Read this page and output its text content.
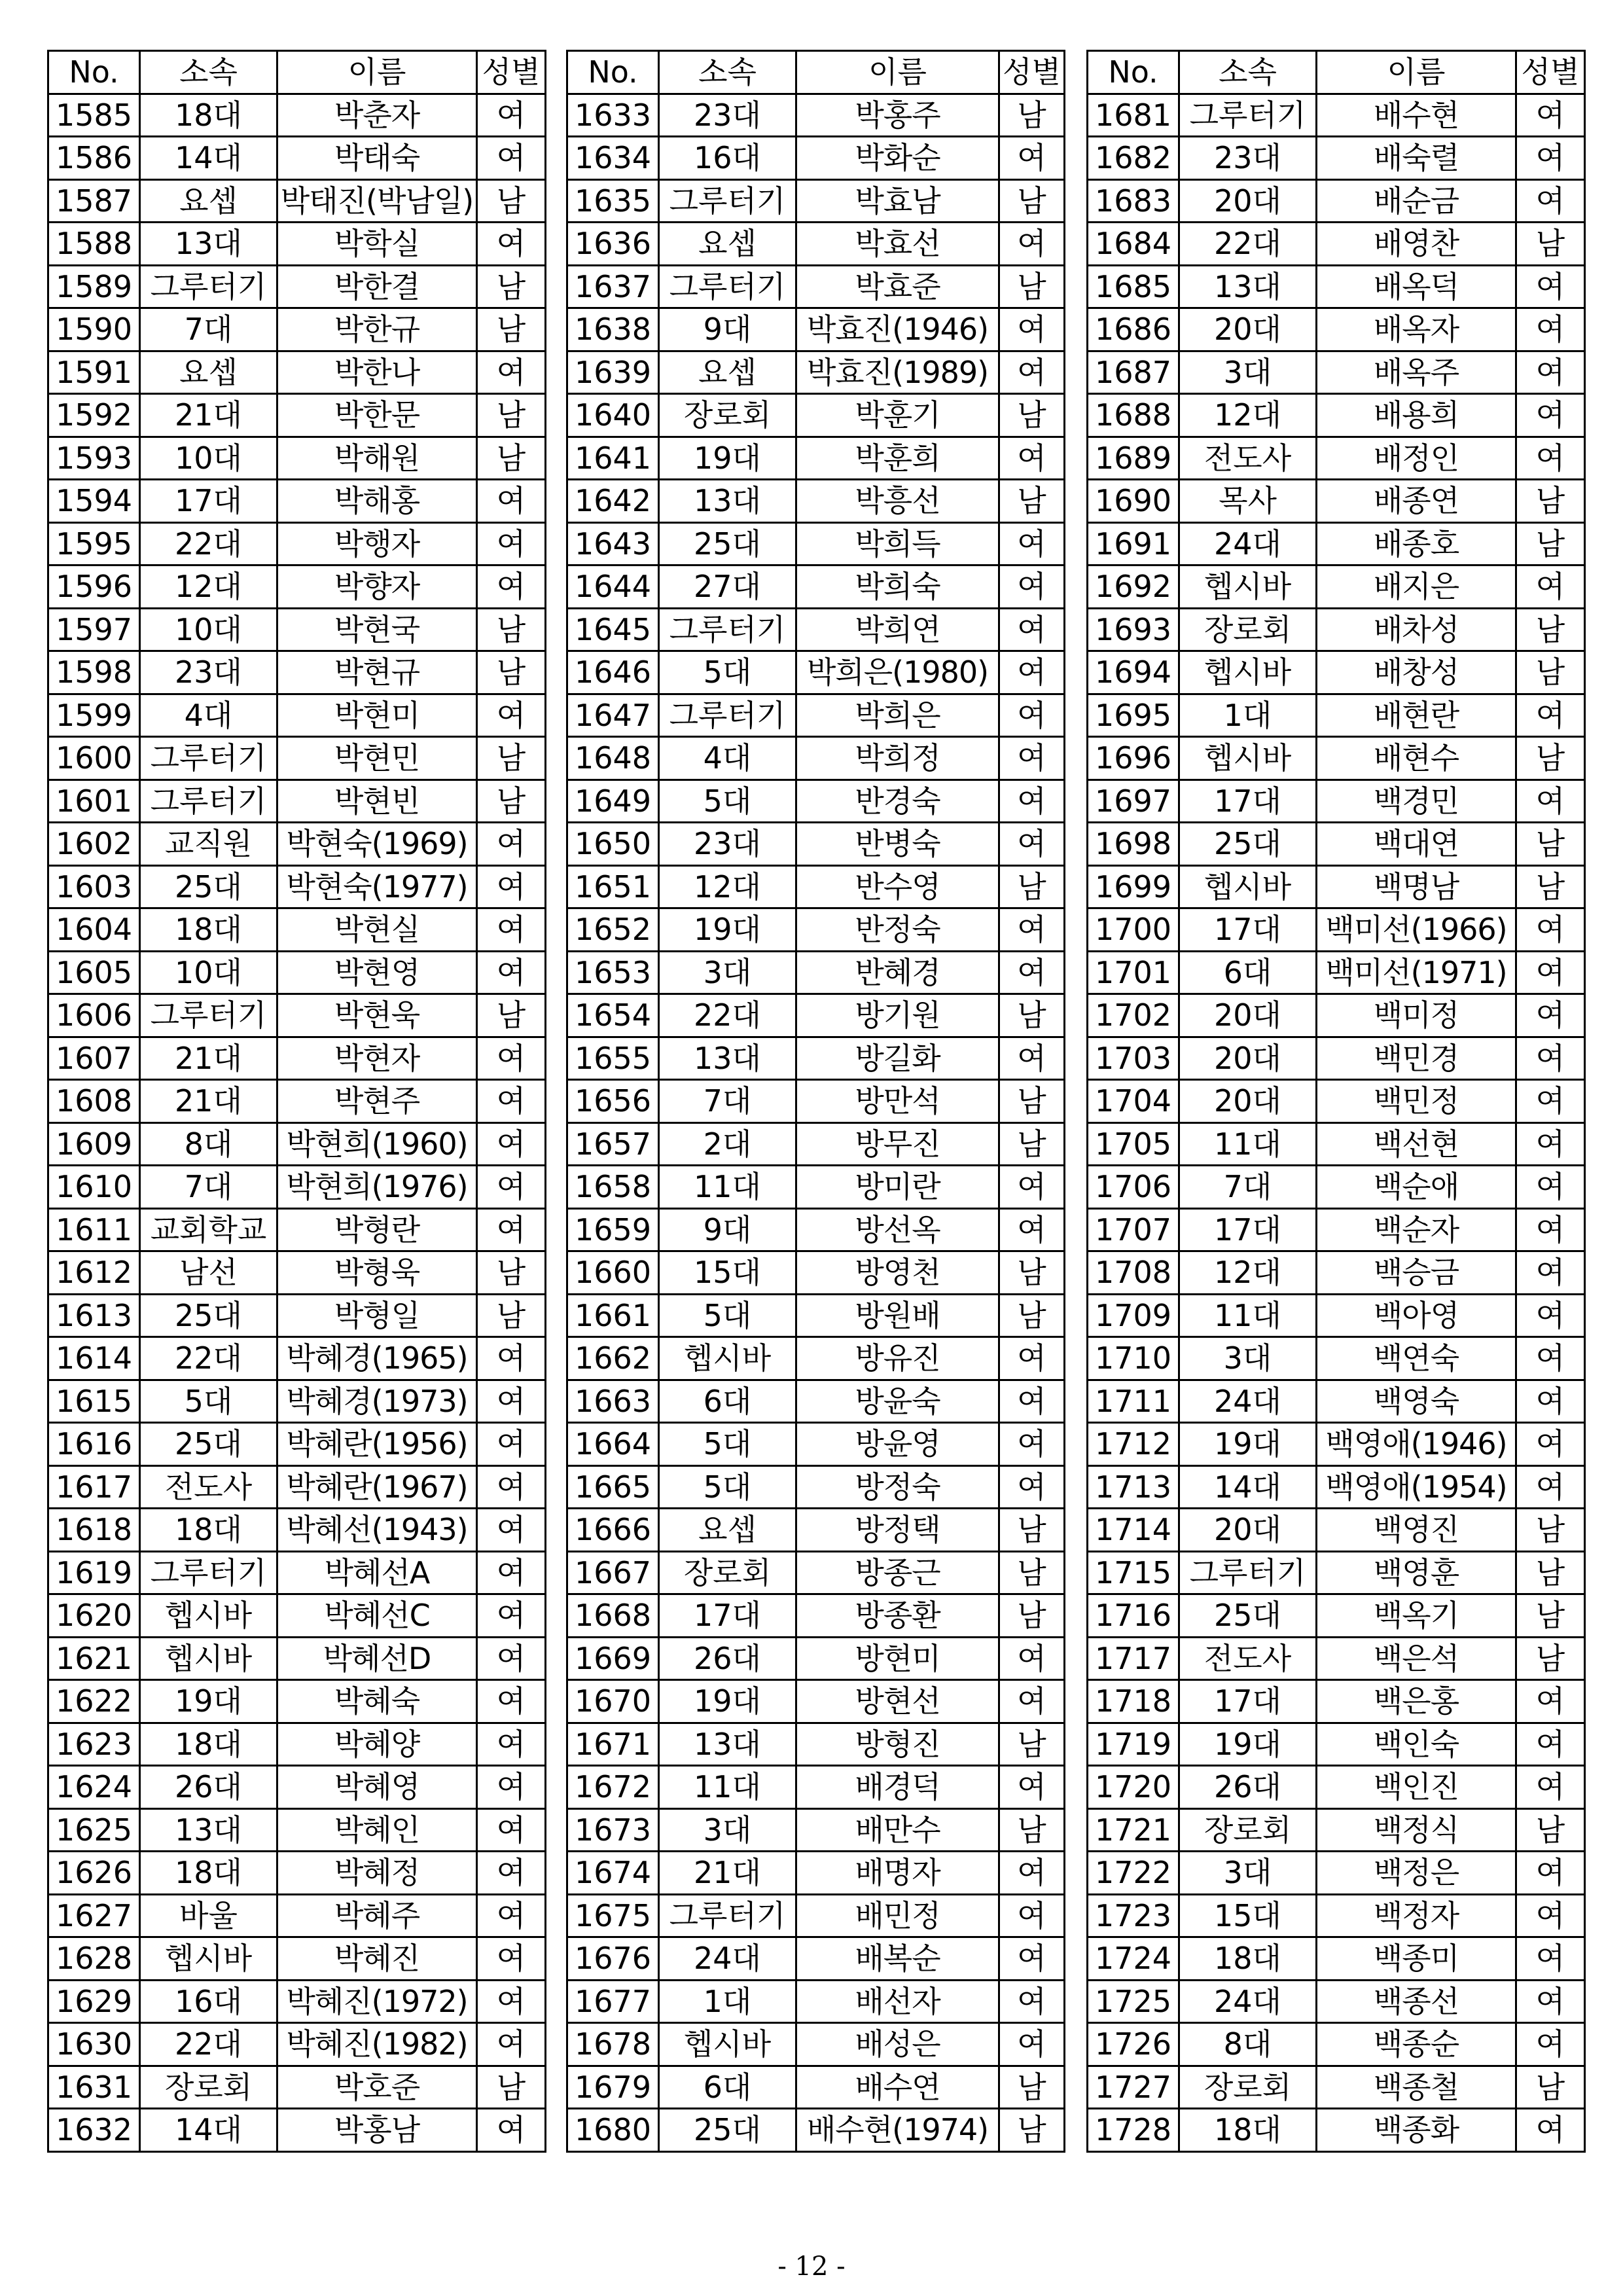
No.	소속	이름	성별
1585	18대	박춘자	여
1586	14대	박태숙	여
1587	요셉	박태진(박남일)	남
1588	13대	박학실	여
1589	그루터기	박한결	남
1590	7대	박한규	남
1591	요셉	박한나	여
1592	21대	박한문	남
1593	10대	박해원	남
1594	17대	박해홍	여
1595	22대	박행자	여
1596	12대	박향자	여
1597	10대	박현국	남
1598	23대	박현규	남
1599	4대	박현미	여
1600	그루터기	박현민	남
1601	그루터기	박현빈	남
1602	교직원	박현숙(1969)	여
1603	25대	박현숙(1977)	여
1604	18대	박현실	여
1605	10대	박현영	여
1606	그루터기	박현욱	남
1607	21대	박현자	여
1608	21대	박현주	여
1609	8대	박현희(1960)	여
1610	7대	박현희(1976)	여
1611	교회학교	박형란	여
1612	남선	박형욱	남
1613	25대	박형일	남
1614	22대	박혜경(1965)	여
1615	5대	박혜경(1973)	여
1616	25대	박혜란(1956)	여
1617	전도사	박혜란(1967)	여
1618	18대	박혜선(1943)	여
1619	그루터기	박혜선A	여
1620	헵시바	박혜선C	여
1621	헵시바	박혜선D	여
1622	19대	박혜숙	여
1623	18대	박혜양	여
1624	26대	박혜영	여
1625	13대	박혜인	여
1626	18대	박혜정	여
1627	바울	박혜주	여
1628	헵시바	박혜진	여
1629	16대	박혜진(1972)	여
1630	22대	박혜진(1982)	여
1631	장로회	박호준	남
1632	14대	박홍남	여
No.	소속	이름	성별
1633	23대	박홍주	남
1634	16대	박화순	여
1635	그루터기	박효남	남
1636	요셉	박효선	여
1637	그루터기	박효준	남
1638	9대	박효진(1946)	여
1639	요셉	박효진(1989)	여
1640	장로회	박훈기	남
1641	19대	박훈희	여
1642	13대	박흥선	남
1643	25대	박희득	여
1644	27대	박희숙	여
1645	그루터기	박희연	여
1646	5대	박희은(1980)	여
1647	그루터기	박희은	여
1648	4대	박희정	여
1649	5대	반경숙	여
1650	23대	반병숙	여
1651	12대	반수영	남
1652	19대	반정숙	여
1653	3대	반혜경	여
1654	22대	방기원	남
1655	13대	방길화	여
1656	7대	방만석	남
1657	2대	방무진	남
1658	11대	방미란	여
1659	9대	방선옥	여
1660	15대	방영천	남
1661	5대	방원배	남
1662	헵시바	방유진	여
1663	6대	방윤숙	여
1664	5대	방윤영	여
1665	5대	방정숙	여
1666	요셉	방정택	남
1667	장로회	방종근	남
1668	17대	방종환	남
1669	26대	방현미	여
1670	19대	방현선	여
1671	13대	방형진	남
1672	11대	배경덕	여
1673	3대	배만수	남
1674	21대	배명자	여
1675	그루터기	배민정	여
1676	24대	배복순	여
1677	1대	배선자	여
1678	헵시바	배성은	여
1679	6대	배수연	남
1680	25대	배수현(1974)	남
No.	소속	이름	성별
1681	그루터기	배수현	여
1682	23대	배숙렬	여
1683	20대	배순금	여
1684	22대	배영찬	남
1685	13대	배옥덕	여
1686	20대	배옥자	여
1687	3대	배옥주	여
1688	12대	배용희	여
1689	전도사	배정인	여
1690	목사	배종연	남
1691	24대	배종호	남
1692	헵시바	배지은	여
1693	장로회	배차성	남
1694	헵시바	배창성	남
1695	1대	배현란	여
1696	헵시바	배현수	남
1697	17대	백경민	여
1698	25대	백대연	남
1699	헵시바	백명남	남
1700	17대	백미선(1966)	여
1701	6대	백미선(1971)	여
1702	20대	백미정	여
1703	20대	백민경	여
1704	20대	백민정	여
1705	11대	백선현	여
1706	7대	백순애	여
1707	17대	백순자	여
1708	12대	백승금	여
1709	11대	백아영	여
1710	3대	백연숙	여
1711	24대	백영숙	여
1712	19대	백영애(1946)	여
1713	14대	백영애(1954)	여
1714	20대	백영진	남
1715	그루터기	백영훈	남
1716	25대	백옥기	남
1717	전도사	백은석	남
1718	17대	백은홍	여
1719	19대	백인숙	여
1720	26대	백인진	여
1721	장로회	백정식	남
1722	3대	백정은	여
1723	15대	백정자	여
1724	18대	백종미	여
1725	24대	백종선	여
1726	8대	백종순	여
1727	장로회	백종철	남
1728	18대	백종화	여
- 12 -
